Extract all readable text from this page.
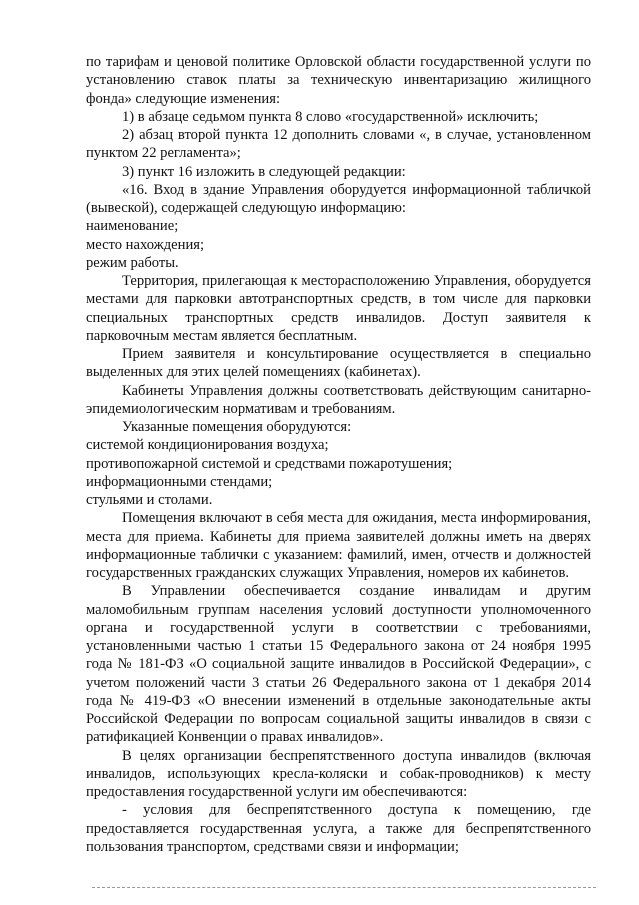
по тарифам и ценовой политике Орловской области государственной услуги по установлению ставок платы за техническую инвентаризацию жилищного фонда» следующие изменения:

1) в абзаце седьмом пункта 8 слово «государственной» исключить;

2) абзац второй пункта 12 дополнить словами «, в случае, установленном пунктом 22 регламента»;

3) пункт 16 изложить в следующей редакции:

«16. Вход в здание Управления оборудуется информационной табличкой (вывеской), содержащей следующую информацию:

наименование;

место нахождения;

режим работы.

Территория, прилегающая к месторасположению Управления, оборудуется местами для парковки автотранспортных средств, в том числе для парковки специальных транспортных средств инвалидов. Доступ заявителя к парковочным местам является бесплатным.

Прием заявителя и консультирование осуществляется в специально выделенных для этих целей помещениях (кабинетах).

Кабинеты Управления должны соответствовать действующим санитарно-эпидемиологическим нормативам и требованиям.

Указанные помещения оборудуются:

системой кондиционирования воздуха;

противопожарной системой и средствами пожаротушения;

информационными стендами;

стульями и столами.

Помещения включают в себя места для ожидания, места информирования, места для приема. Кабинеты для приема заявителей должны иметь на дверях информационные таблички с указанием: фамилий, имен, отчеств и должностей государственных гражданских служащих Управления, номеров их кабинетов.

В Управлении обеспечивается создание инвалидам и другим маломобильным группам населения условий доступности уполномоченного органа и государственной услуги в соответствии с требованиями, установленными частью 1 статьи 15 Федерального закона от 24 ноября 1995 года № 181-ФЗ «О социальной защите инвалидов в Российской Федерации», с учетом положений части 3 статьи 26 Федерального закона от 1 декабря 2014 года № 419-ФЗ «О внесении изменений в отдельные законодательные акты Российской Федерации по вопросам социальной защиты инвалидов в связи с ратификацией Конвенции о правах инвалидов».

В целях организации беспрепятственного доступа инвалидов (включая инвалидов, использующих кресла-коляски и собак-проводников) к месту предоставления государственной услуги им обеспечиваются:

- условия для беспрепятственного доступа к помещению, где предоставляется государственная услуга, а также для беспрепятственного пользования транспортом, средствами связи и информации;
